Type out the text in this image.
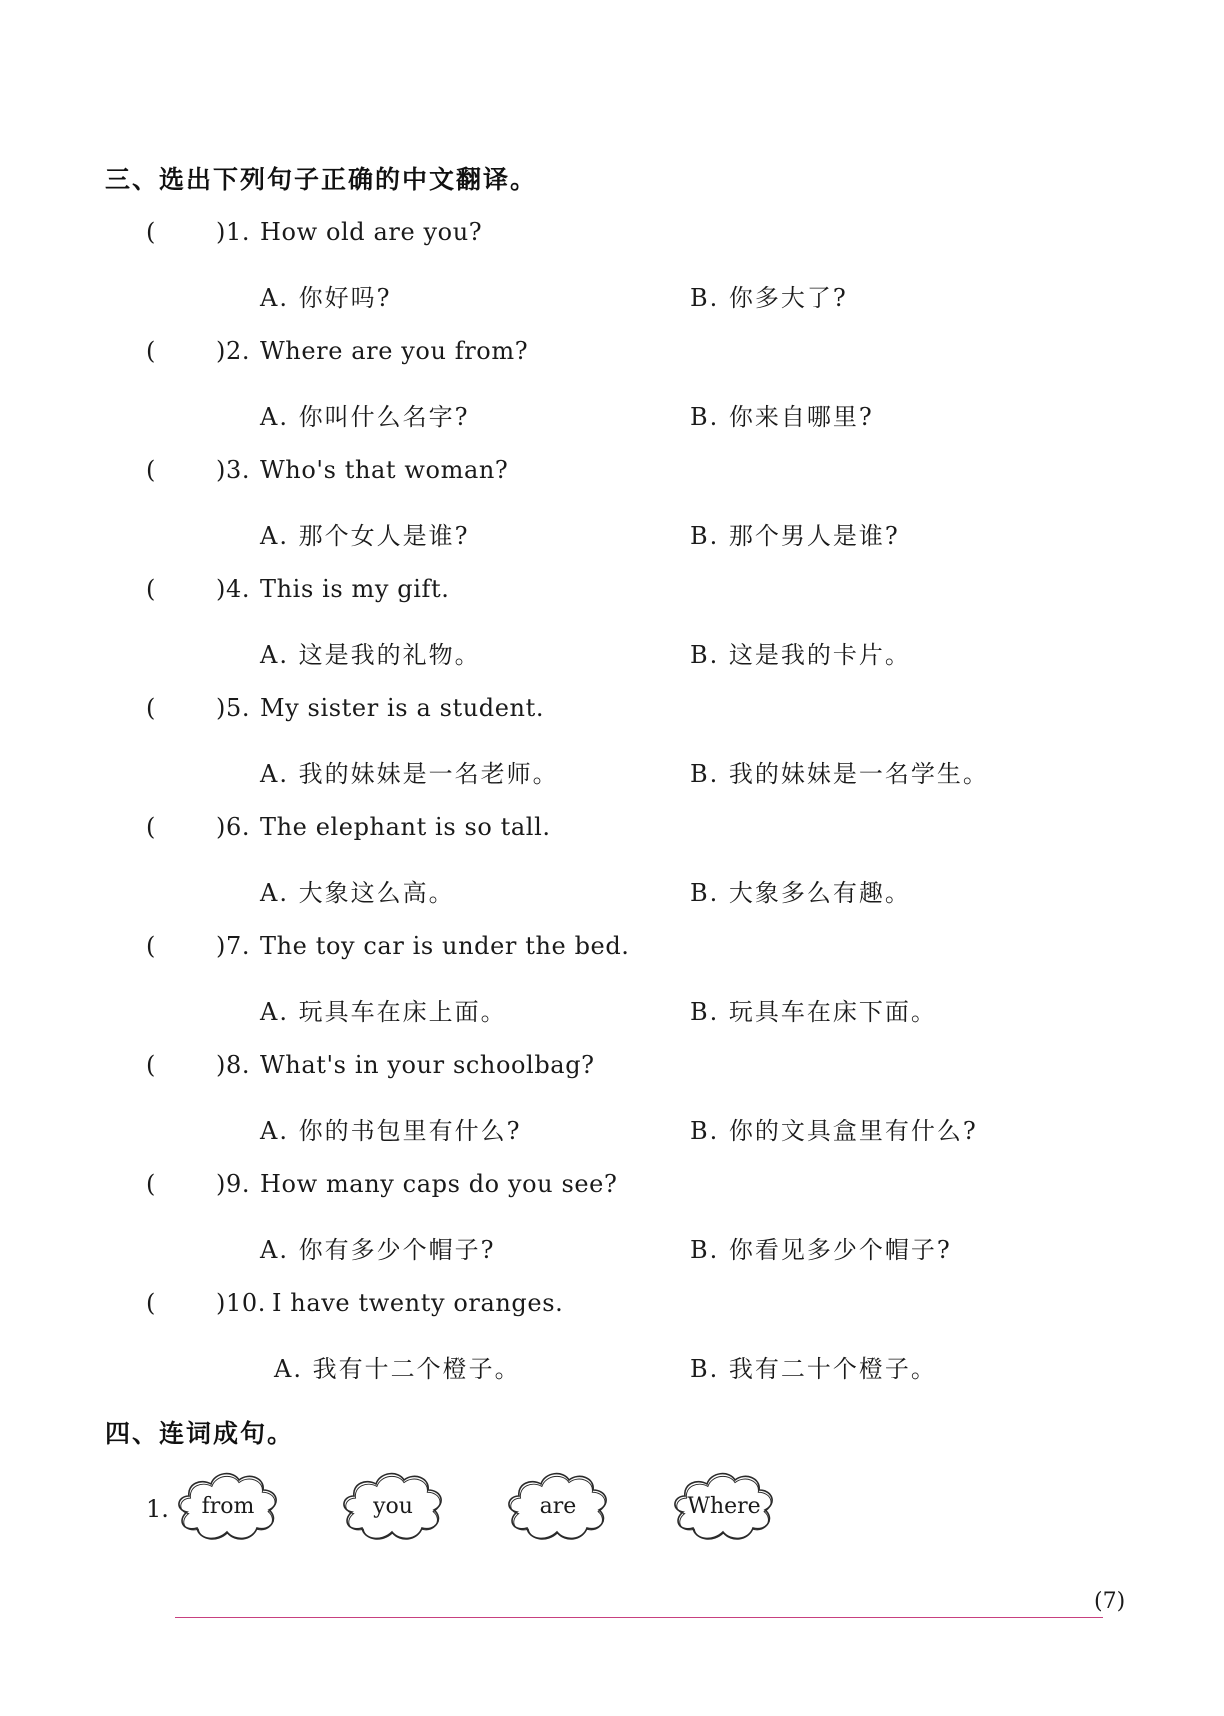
三、选出下列句子正确的中文翻译。
(	) 1. How old are you?
A. 你好吗?	B. 你多大了?
(	) 2. Where are you from?
A. 你叫什么名字?	B. 你来自哪里?
(	) 3. Who's that woman?
A. 那个女人是谁?	B. 那个男人是谁?
(	) 4. This is my gift.
A. 这是我的礼物。	B. 这是我的卡片。
(	) 5. My sister is a student.
A. 我的妹妹是一名老师。	B. 我的妹妹是一名学生。
(	) 6. The elephant is so tall.
A. 大象这么高。	B. 大象多么有趣。
(	) 7. The toy car is under the bed.
A. 玩具车在床上面。	B. 玩具车在床下面。
(	) 8. What's in your schoolbag?
A. 你的书包里有什么?	B. 你的文具盒里有什么?
(	) 9. How many caps do you see?
A. 你有多少个帽子?	B. 你看见多少个帽子?
(	) 10. I have twenty oranges.
A. 我有十二个橙子。	B. 我有二十个橙子。
四、连词成句。
1.	from	you	are	Where
(7)
